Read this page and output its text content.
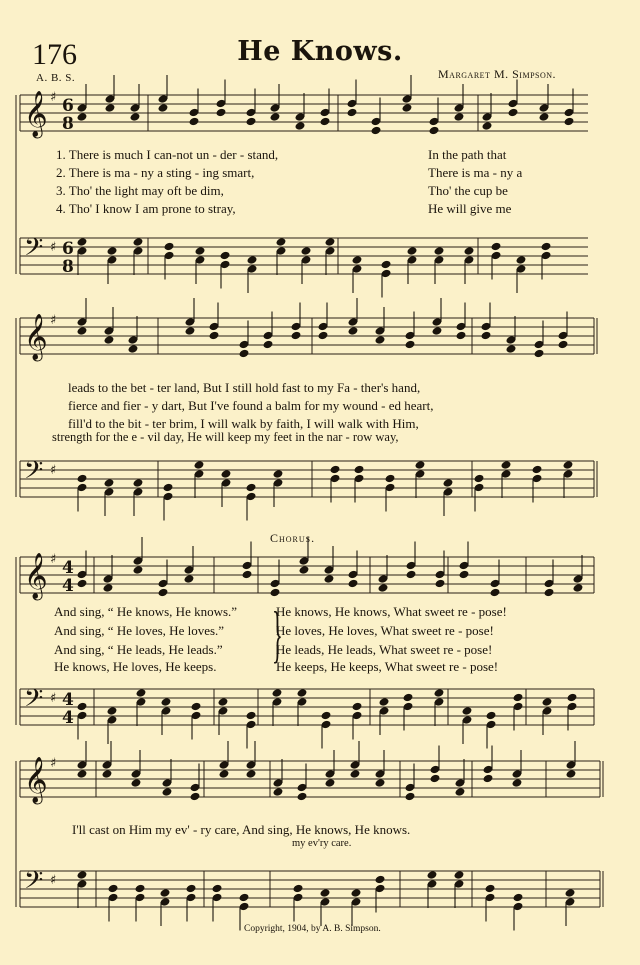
176	He Knows.
A. B. S.	Margaret M. Simpson.
𝄞 ♯ 6
8
𝄢 ♯ 6
8
𝄞 ♯
𝄢 ♯
𝄞 ♯ 4
4
𝄢 ♯ 4
4
𝄞 ♯
𝄢 ♯
1. There is much I can-not un - der - stand,
2. There is ma - ny a sting - ing smart,
3. Tho' the light may oft be dim,
4. Tho' I know I am prone to stray,
In the path that
There is ma - ny a
Tho' the cup be
He will give me
leads to the bet - ter land, But I still hold fast to my Fa - ther's hand,
fierce and fier - y dart, But I've found a balm for my wound - ed heart,
fill'd to the bit - ter brim, I will walk by faith, I will walk with Him,
strength for the e - vil day, He will keep my feet in the nar - row way,
Chorus.
And sing, “ He knows, He knows.”
And sing, “ He loves, He loves.”
And sing, “ He leads, He leads.”
He knows, He loves, He keeps. }
He knows, He knows, What sweet re - pose!
He loves, He loves, What sweet re - pose!
He leads, He leads, What sweet re - pose!
He keeps, He keeps, What sweet re - pose!
I'll cast on Him my ev' - ry care, And sing, He knows, He knows.
my ev'ry care.
Copyright, 1904, by A. B. Simpson.
